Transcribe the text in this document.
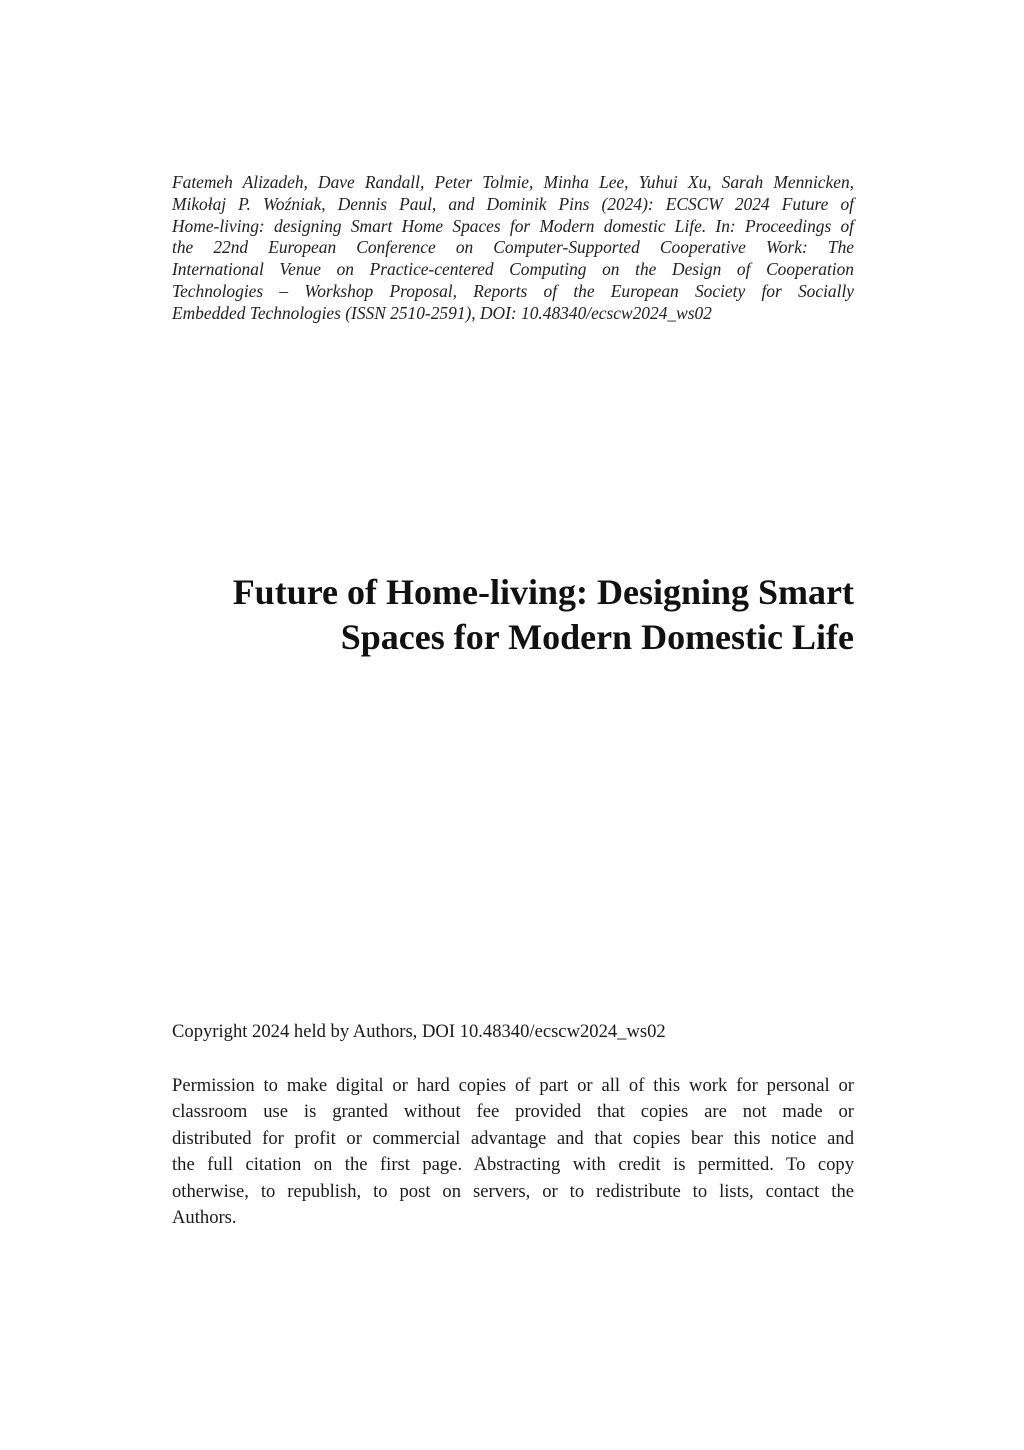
Fatemeh Alizadeh, Dave Randall, Peter Tolmie, Minha Lee, Yuhui Xu, Sarah Mennicken,
Mikołaj P. Woźniak, Dennis Paul, and Dominik Pins (2024): ECSCW 2024 Future of
Home-living: designing Smart Home Spaces for Modern domestic Life. In: Proceedings of
the 22nd European Conference on Computer-Supported Cooperative Work: The
International Venue on Practice-centered Computing on the Design of Cooperation
Technologies – Workshop Proposal, Reports of the European Society for Socially
Embedded Technologies (ISSN 2510-2591), DOI: 10.48340/ecscw2024_ws02
Future of Home-living: Designing Smart
Spaces for Modern Domestic Life

Copyright 2024 held by Authors, DOI 10.48340/ecscw2024_ws02

Permission to make digital or hard copies of part or all of this work for personal or
classroom use is granted without fee provided that copies are not made or
distributed for profit or commercial advantage and that copies bear this notice and
the full citation on the first page. Abstracting with credit is permitted. To copy
otherwise, to republish, to post on servers, or to redistribute to lists, contact the
Authors.
